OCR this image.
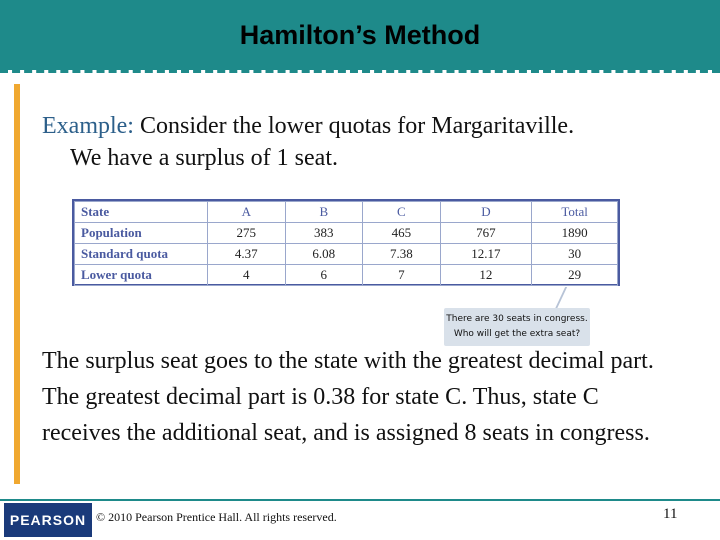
Hamilton’s Method
Example: Consider the lower quotas for Margaritaville.
We have a surplus of 1 seat.
State	A	B	C	D	Total
Population	275	383	465	767	1890
Standard quota	4.37	6.08	7.38	12.17	30
Lower quota	4	6	7	12	29
There are 30 seats in congress.
Who will get the extra seat?
The surplus seat goes to the state with the greatest decimal part. The greatest decimal part is 0.38 for state C. Thus, state C receives the additional seat, and is assigned 8 seats in congress.
PEARSON © 2010 Pearson Prentice Hall. All rights reserved.	11
